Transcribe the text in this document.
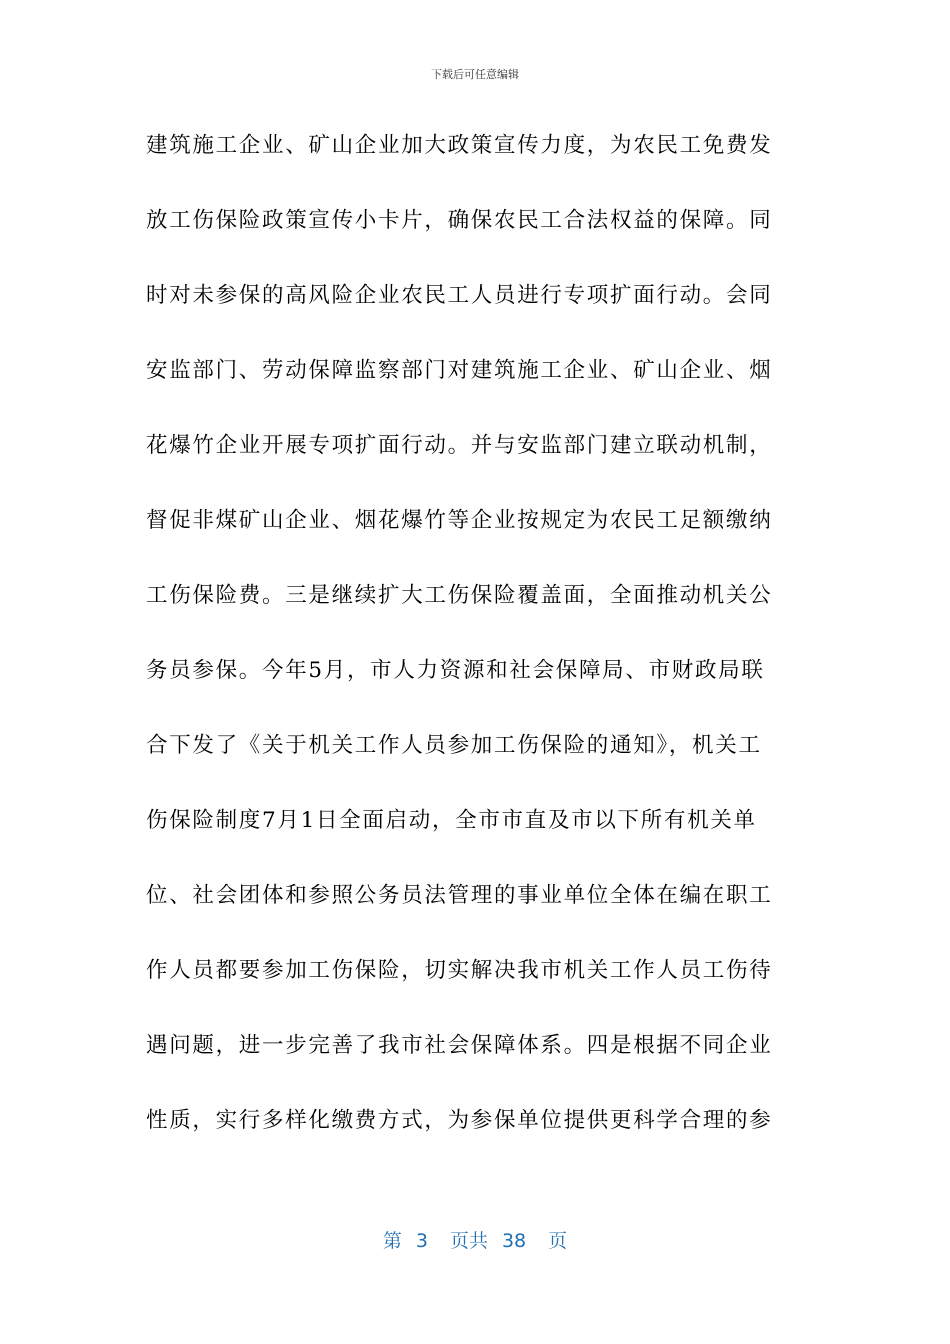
下载后可任意编辑
建筑施工企业、矿山企业加大政策宣传力度，为农民工免费发
放工伤保险政策宣传小卡片，确保农民工合法权益的保障。同
时对未参保的高风险企业农民工人员进行专项扩面行动。会同
安监部门、劳动保障监察部门对建筑施工企业、矿山企业、烟
花爆竹企业开展专项扩面行动。并与安监部门建立联动机制，
督促非煤矿山企业、烟花爆竹等企业按规定为农民工足额缴纳
工伤保险费。三是继续扩大工伤保险覆盖面，全面推动机关公
务员参保。今年5月，市人力资源和社会保障局、市财政局联
合下发了《关于机关工作人员参加工伤保险的通知》，机关工
伤保险制度7月1日全面启动，全市市直及市以下所有机关单
位、社会团体和参照公务员法管理的事业单位全体在编在职工
作人员都要参加工伤保险，切实解决我市机关工作人员工伤待
遇问题，进一步完善了我市社会保障体系。四是根据不同企业
性质，实行多样化缴费方式，为参保单位提供更科学合理的参
第 3 页共 38 页
